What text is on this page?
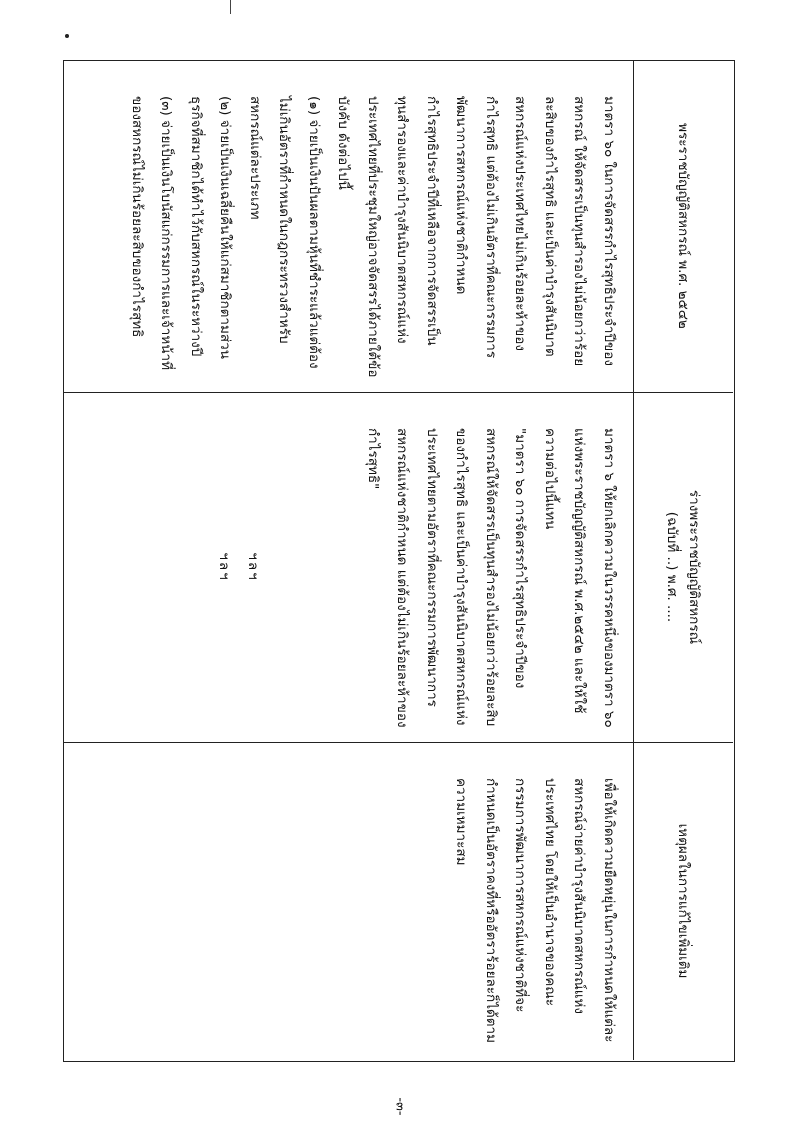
พระราชบัญญัติสหกรณ์ พ.ศ. ๒๕๔๒
ร่างพระราชบัญญัติสหกรณ์
(ฉบับที่ ..) พ.ศ. ....
เหตุผลในการแก้ไขเพิ่มเติม

มาตรา ๖๐ ในการจัดสรรกำไรสุทธิประจำปีของสหกรณ์ ให้จัดสรรเป็นทุนสำรองไม่น้อยกว่าร้อยละสิบของกำไรสุทธิ และเป็นค่าบำรุงสันนิบาตสหกรณ์แห่งประเทศไทยไม่เกินร้อยละห้าของกำไรสุทธิ แต่ต้องไม่เกินอัตราที่คณะกรรมการพัฒนาการสหกรณ์แห่งชาติกำหนด

กำไรสุทธิประจำปีที่เหลือจากการจัดสรรเป็นทุนสำรองและค่าบำรุงสันนิบาตสหกรณ์แห่งประเทศไทยที่ประชุมใหญ่อาจจัดสรรได้ภายใต้ข้อบังคับ ดังต่อไปนี้

(๑) จ่ายเป็นเงินปันผลตามหุ้นที่ชำระแล้วแต่ต้องไม่เกินอัตราที่กำหนดในกฎกระทรวงสำหรับสหกรณ์แต่ละประเภท

(๒) จ่ายเป็นเงินเฉลี่ยคืนให้แก่สมาชิกตามส่วนธุรกิจที่สมาชิกได้ทำไว้กับสหกรณ์ในระหว่างปี

(๓) จ่ายเป็นเงินโบนัสแก่กรรมการและเจ้าหน้าที่ของสหกรณ์ไม่เกินร้อยละสิบของกำไรสุทธิ

มาตรา ๖ ให้ยกเลิกความในวรรคหนึ่งของมาตรา ๖๐ แห่งพระราชบัญญัติสหกรณ์ พ.ศ.๒๕๔๒ และให้ใช้ความต่อไปนี้แทน

"มาตรา ๖๐ การจัดสรรกำไรสุทธิประจำปีของสหกรณ์ให้จัดสรรเป็นทุนสำรองไม่น้อยกว่าร้อยละสิบของกำไรสุทธิ และเป็นค่าบำรุงสันนิบาตสหกรณ์แห่งประเทศไทยตามอัตราที่คณะกรรมการพัฒนาการสหกรณ์แห่งชาติกำหนด แต่ต้องไม่เกินร้อยละห้าของกำไรสุทธิ"

ฯลฯ ฯลฯ

เพื่อให้เกิดความยืดหยุ่นในการกำหนดให้แต่ละสหกรณ์จ่ายค่าบำรุงสันนิบาตสหกรณ์แห่งประเทศไทย โดยให้เป็นอำนาจของคณะกรรมการพัฒนาการสหกรณ์แห่งชาติที่จะกำหนดเป็นอัตราคงที่หรืออัตราร้อยละก็ได้ตามความเหมาะสม

-๓-
